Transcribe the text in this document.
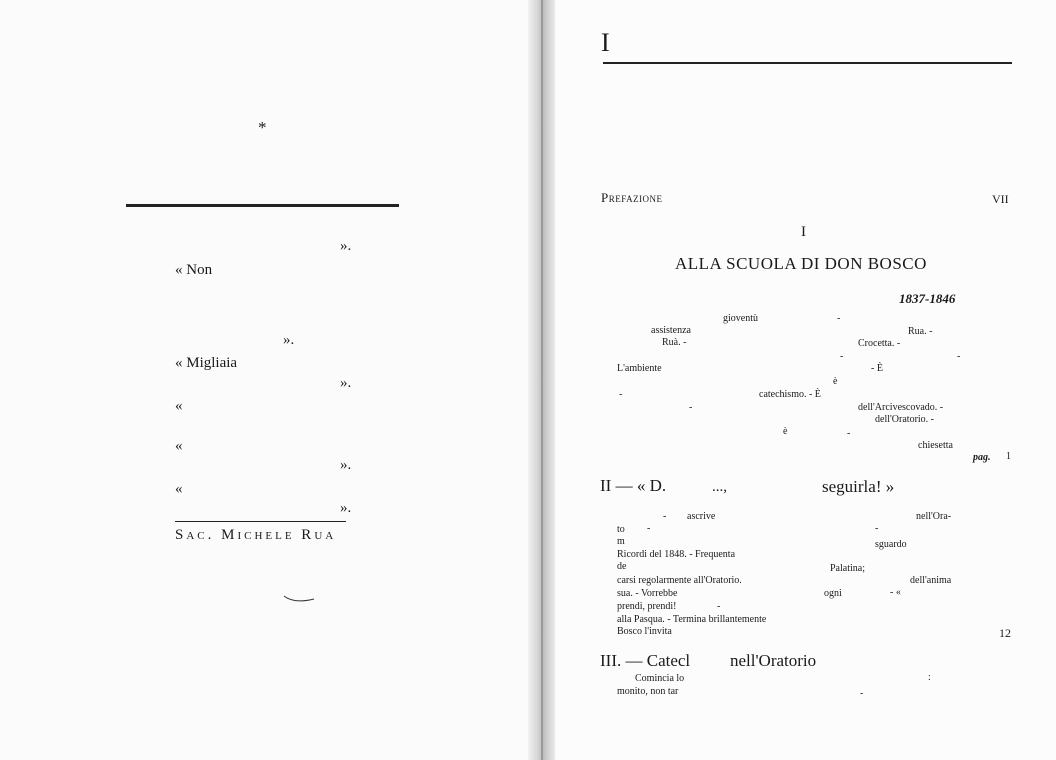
*
».
« Non
».
« Migliaia
».
«
«
».
«
».
Sac. Michele Rua
I
Prefazione	VII
I
ALLA SCUOLA DI DON BOSCO
1837-1846
gioventù	-
assistenza	Rua. -
Ruà. -	Crocetta. -
-	-
L'ambiente	- È
è
-	catechismo. - È
-	dell'Arcivescovado. -
dell'Oratorio. -
è	-
chiesetta
pag. 1
II — « D.	...,	seguirla! »
- ascrive	nell'Ora-
to -	-
m	sguardo
Ricordi del 1848. - Frequenta
de	Palatina;
carsi regolarmente all'Oratorio.	dell'anima
sua. - Vorrebbe	ogni	- «
prendi, prendi!	-
alla Pasqua. - Termina brillantemente
Bosco l'invita	12
III. — Catecl nell'Oratorio
Comincia lo
monito, non tar
:
-
